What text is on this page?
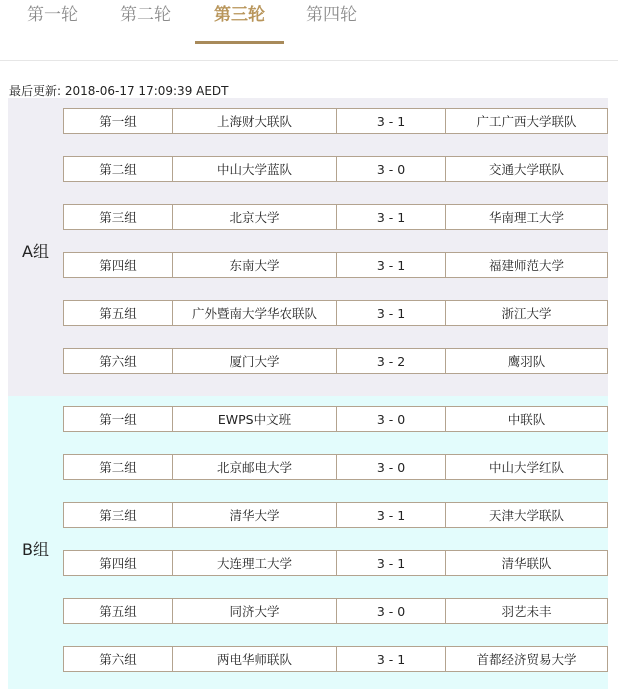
第一轮	第二轮	第三轮	第四轮
最后更新: 2018-06-17 17:09:39 AEDT
A组
第一组	上海财大联队	3 - 1	广工广西大学联队
第二组	中山大学蓝队	3 - 0	交通大学联队
第三组	北京大学	3 - 1	华南理工大学
第四组	东南大学	3 - 1	福建师范大学
第五组	广外暨南大学华农联队	3 - 1	浙江大学
第六组	厦门大学	3 - 2	鹰羽队
B组
第一组	EWPS中文班	3 - 0	中联队
第二组	北京邮电大学	3 - 0	中山大学红队
第三组	清华大学	3 - 1	天津大学联队
第四组	大连理工大学	3 - 1	清华联队
第五组	同济大学	3 - 0	羽艺未丰
第六组	两电华师联队	3 - 1	首都经济贸易大学
